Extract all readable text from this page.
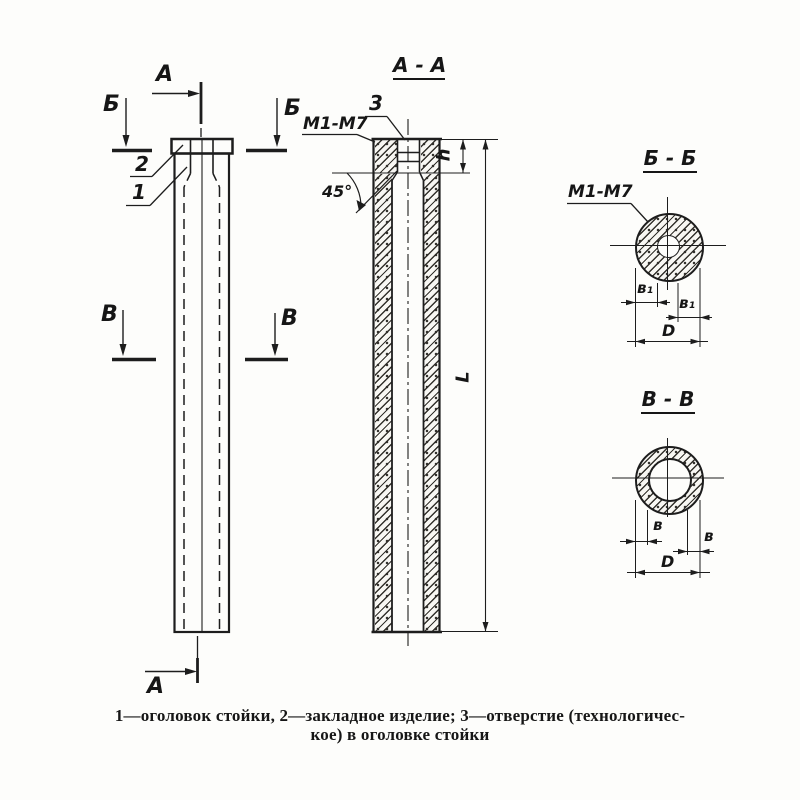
А
А
Б	Б
В	В
2
1
А - А
3
М1-М7
45°
h
L
Б - Б
М1-М7
в₁
в₁
D
В - В
в
в
D
1—оголовок стойки, 2—закладное изделие; 3—отверстие (технологичес-
кое) в оголовке стойки
